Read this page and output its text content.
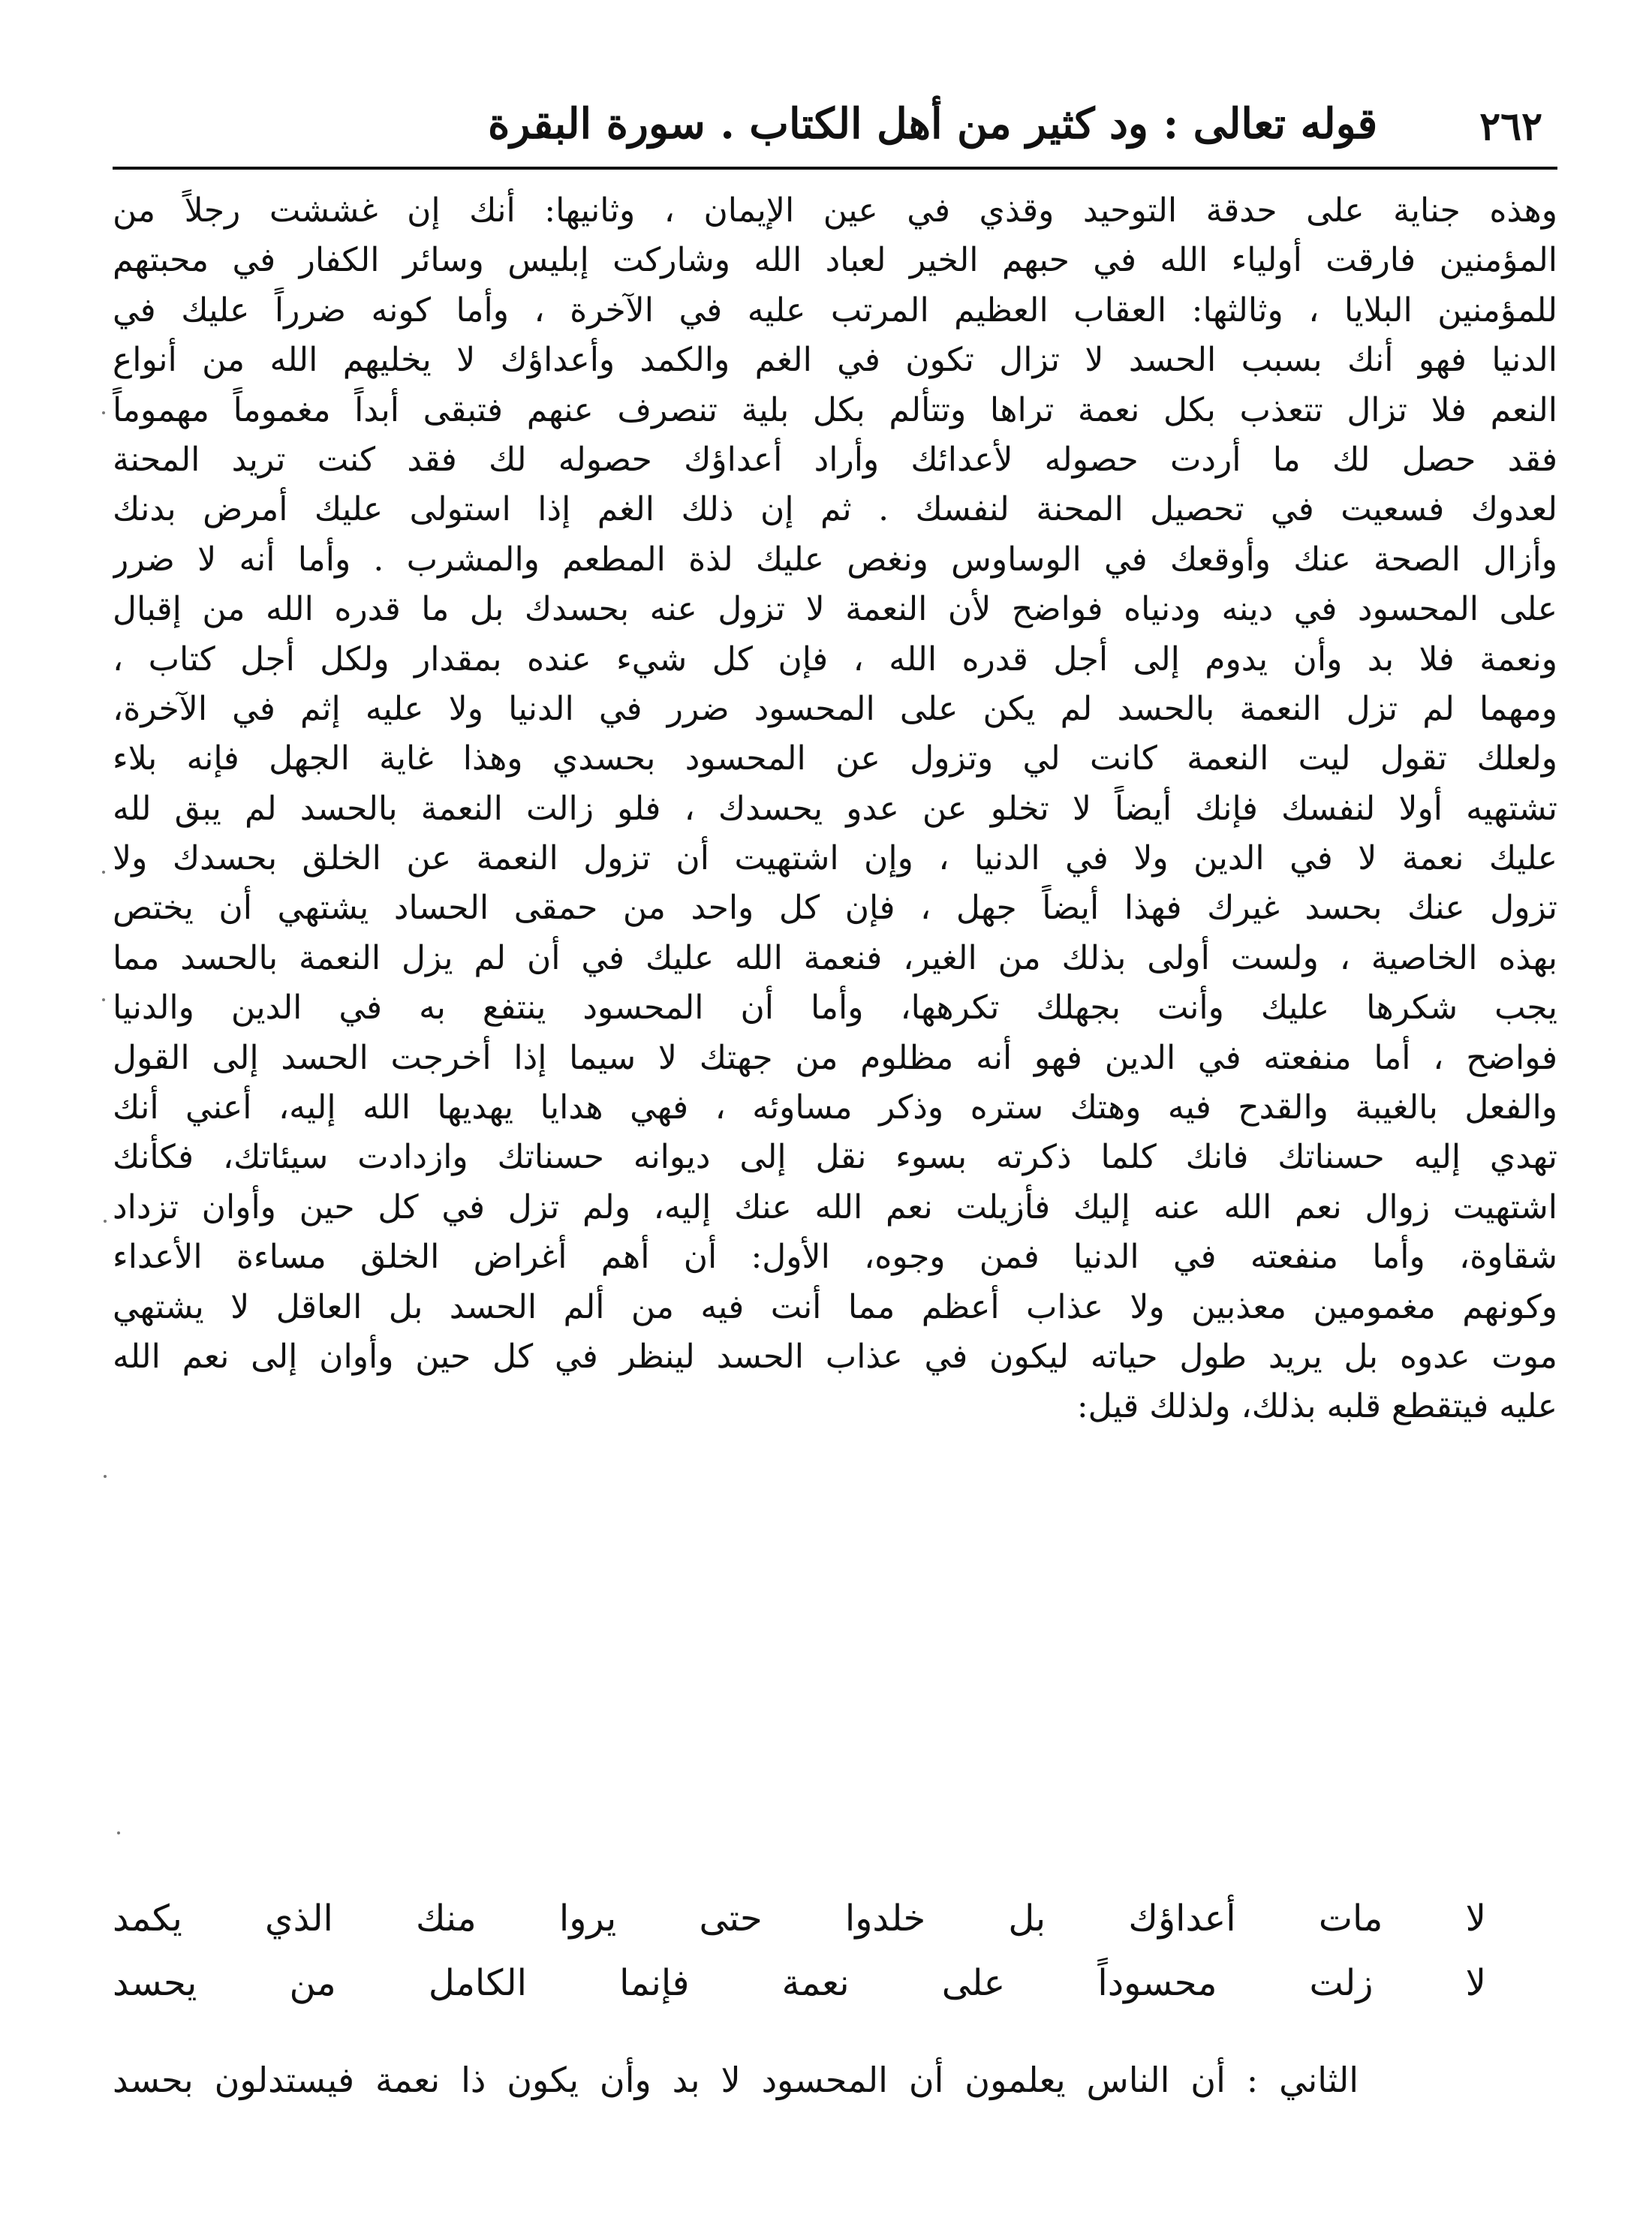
٢٦٢
قوله تعالى : ود كثير من أهل الكتاب . سورة البقرة
وهذه جناية على حدقة التوحيد وقذي في عين الإيمان ، وثانيها: أنك إن غششت رجلاً من
المؤمنين فارقت أولياء الله في حبهم الخير لعباد الله وشاركت إبليس وسائر الكفار في محبتهم
للمؤمنين البلايا ، وثالثها: العقاب العظيم المرتب عليه في الآخرة ، وأما كونه ضرراً عليك في
الدنيا فهو أنك بسبب الحسد لا تزال تكون في الغم والكمد وأعداؤك لا يخليهم الله من أنواع
النعم فلا تزال تتعذب بكل نعمة تراها وتتألم بكل بلية تنصرف عنهم فتبقى أبداً مغموماً مهموماً
فقد حصل لك ما أردت حصوله لأعدائك وأراد أعداؤك حصوله لك فقد كنت تريد المحنة
لعدوك فسعيت في تحصيل المحنة لنفسك . ثم إن ذلك الغم إذا استولى عليك أمرض بدنك
وأزال الصحة عنك وأوقعك في الوساوس ونغص عليك لذة المطعم والمشرب . وأما أنه لا ضرر
على المحسود في دينه ودنياه فواضح لأن النعمة لا تزول عنه بحسدك بل ما قدره الله من إقبال
ونعمة فلا بد وأن يدوم إلى أجل قدره الله ، فإن كل شيء عنده بمقدار ولكل أجل كتاب ،
ومهما لم تزل النعمة بالحسد لم يكن على المحسود ضرر في الدنيا ولا عليه إثم في الآخرة،
ولعلك تقول ليت النعمة كانت لي وتزول عن المحسود بحسدي وهذا غاية الجهل فإنه بلاء
تشتهيه أولا لنفسك فإنك أيضاً لا تخلو عن عدو يحسدك ، فلو زالت النعمة بالحسد لم يبق لله
عليك نعمة لا في الدين ولا في الدنيا ، وإن اشتهيت أن تزول النعمة عن الخلق بحسدك ولا
تزول عنك بحسد غيرك فهذا أيضاً جهل ، فإن كل واحد من حمقى الحساد يشتهي أن يختص
بهذه الخاصية ، ولست أولى بذلك من الغير، فنعمة الله عليك في أن لم يزل النعمة بالحسد مما
يجب شكرها عليك وأنت بجهلك تكرهها، وأما أن المحسود ينتفع به في الدين والدنيا
فواضح ، أما منفعته في الدين فهو أنه مظلوم من جهتك لا سيما إذا أخرجت الحسد إلى القول
والفعل بالغيبة والقدح فيه وهتك ستره وذكر مساوئه ، فهي هدايا يهديها الله إليه، أعني أنك
تهدي إليه حسناتك فانك كلما ذكرته بسوء نقل إلى ديوانه حسناتك وازدادت سيئاتك، فكأنك
اشتهيت زوال نعم الله عنه إليك فأزيلت نعم الله عنك إليه، ولم تزل في كل حين وأوان تزداد
شقاوة، وأما منفعته في الدنيا فمن وجوه، الأول: أن أهم أغراض الخلق مساءة الأعداء
وكونهم مغمومين معذبين ولا عذاب أعظم مما أنت فيه من ألم الحسد بل العاقل لا يشتهي
موت عدوه بل يريد طول حياته ليكون في عذاب الحسد لينظر في كل حين وأوان إلى نعم الله
عليه فيتقطع قلبه بذلك، ولذلك قيل:
لا مات أعداؤك بل خلدوا حتى يروا منك الذي يكمد
لا زلت محسوداً على نعمة فإنما الكامل من يحسد
الثاني : أن الناس يعلمون أن المحسود لا بد وأن يكون ذا نعمة فيستدلون بحسد
